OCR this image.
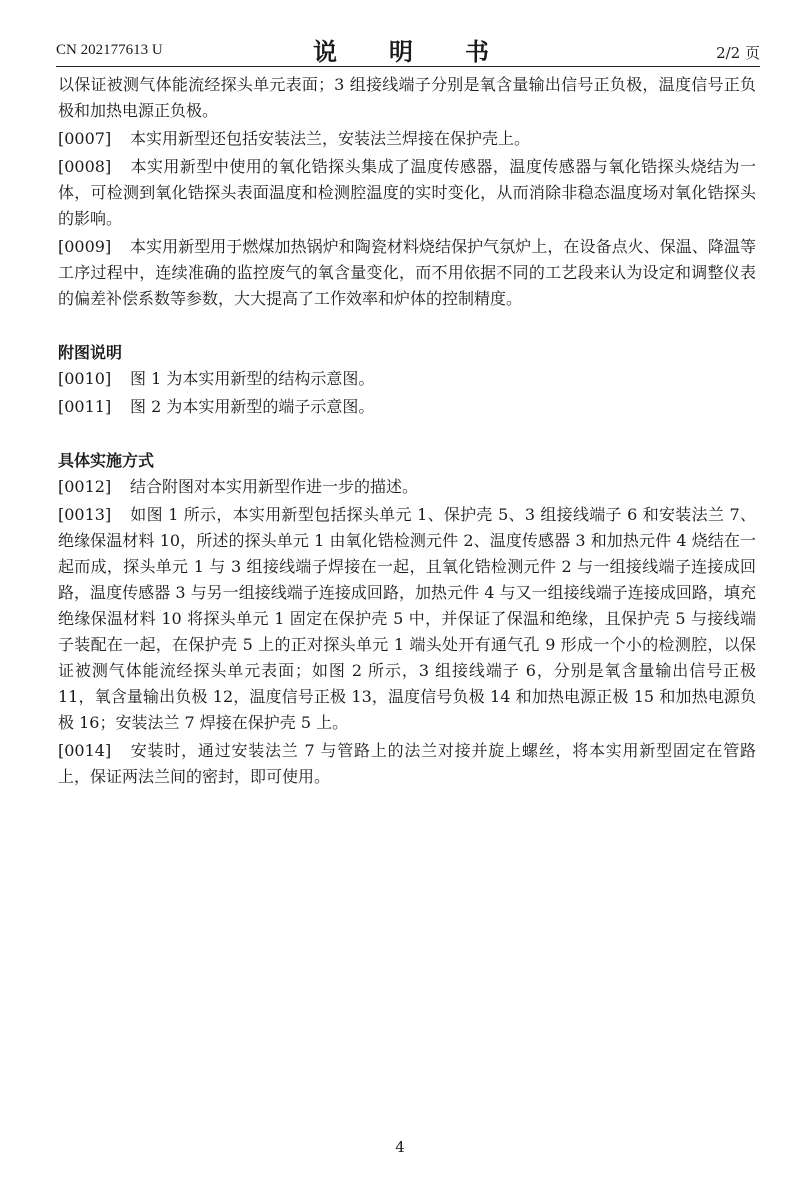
CN 202177613 U	说　明　书	2/2 页

以保证被测气体能流经探头单元表面；3 组接线端子分别是氧含量输出信号正负极，温度信号正负极和加热电源正负极。

[0007] 本实用新型还包括安装法兰，安装法兰焊接在保护壳上。

[0008] 本实用新型中使用的氧化锆探头集成了温度传感器，温度传感器与氧化锆探头烧结为一体，可检测到氧化锆探头表面温度和检测腔温度的实时变化，从而消除非稳态温度场对氧化锆探头的影响。

[0009] 本实用新型用于燃煤加热锅炉和陶瓷材料烧结保护气氛炉上，在设备点火、保温、降温等工序过程中，连续准确的监控废气的氧含量变化，而不用依据不同的工艺段来认为设定和调整仪表的偏差补偿系数等参数，大大提高了工作效率和炉体的控制精度。

附图说明

[0010] 图 1 为本实用新型的结构示意图。

[0011] 图 2 为本实用新型的端子示意图。

具体实施方式

[0012] 结合附图对本实用新型作进一步的描述。

[0013] 如图 1 所示，本实用新型包括探头单元 1、保护壳 5、3 组接线端子 6 和安装法兰 7、绝缘保温材料 10，所述的探头单元 1 由氧化锆检测元件 2、温度传感器 3 和加热元件 4 烧结在一起而成，探头单元 1 与 3 组接线端子焊接在一起，且氧化锆检测元件 2 与一组接线端子连接成回路，温度传感器 3 与另一组接线端子连接成回路，加热元件 4 与又一组接线端子连接成回路，填充绝缘保温材料 10 将探头单元 1 固定在保护壳 5 中，并保证了保温和绝缘，且保护壳 5 与接线端子装配在一起，在保护壳 5 上的正对探头单元 1 端头处开有通气孔 9 形成一个小的检测腔，以保证被测气体能流经探头单元表面；如图 2 所示，3 组接线端子 6，分别是氧含量输出信号正极 11，氧含量输出负极 12，温度信号正极 13，温度信号负极 14 和加热电源正极 15 和加热电源负极 16；安装法兰 7 焊接在保护壳 5 上。

[0014] 安装时，通过安装法兰 7 与管路上的法兰对接并旋上螺丝，将本实用新型固定在管路上，保证两法兰间的密封，即可使用。

4
